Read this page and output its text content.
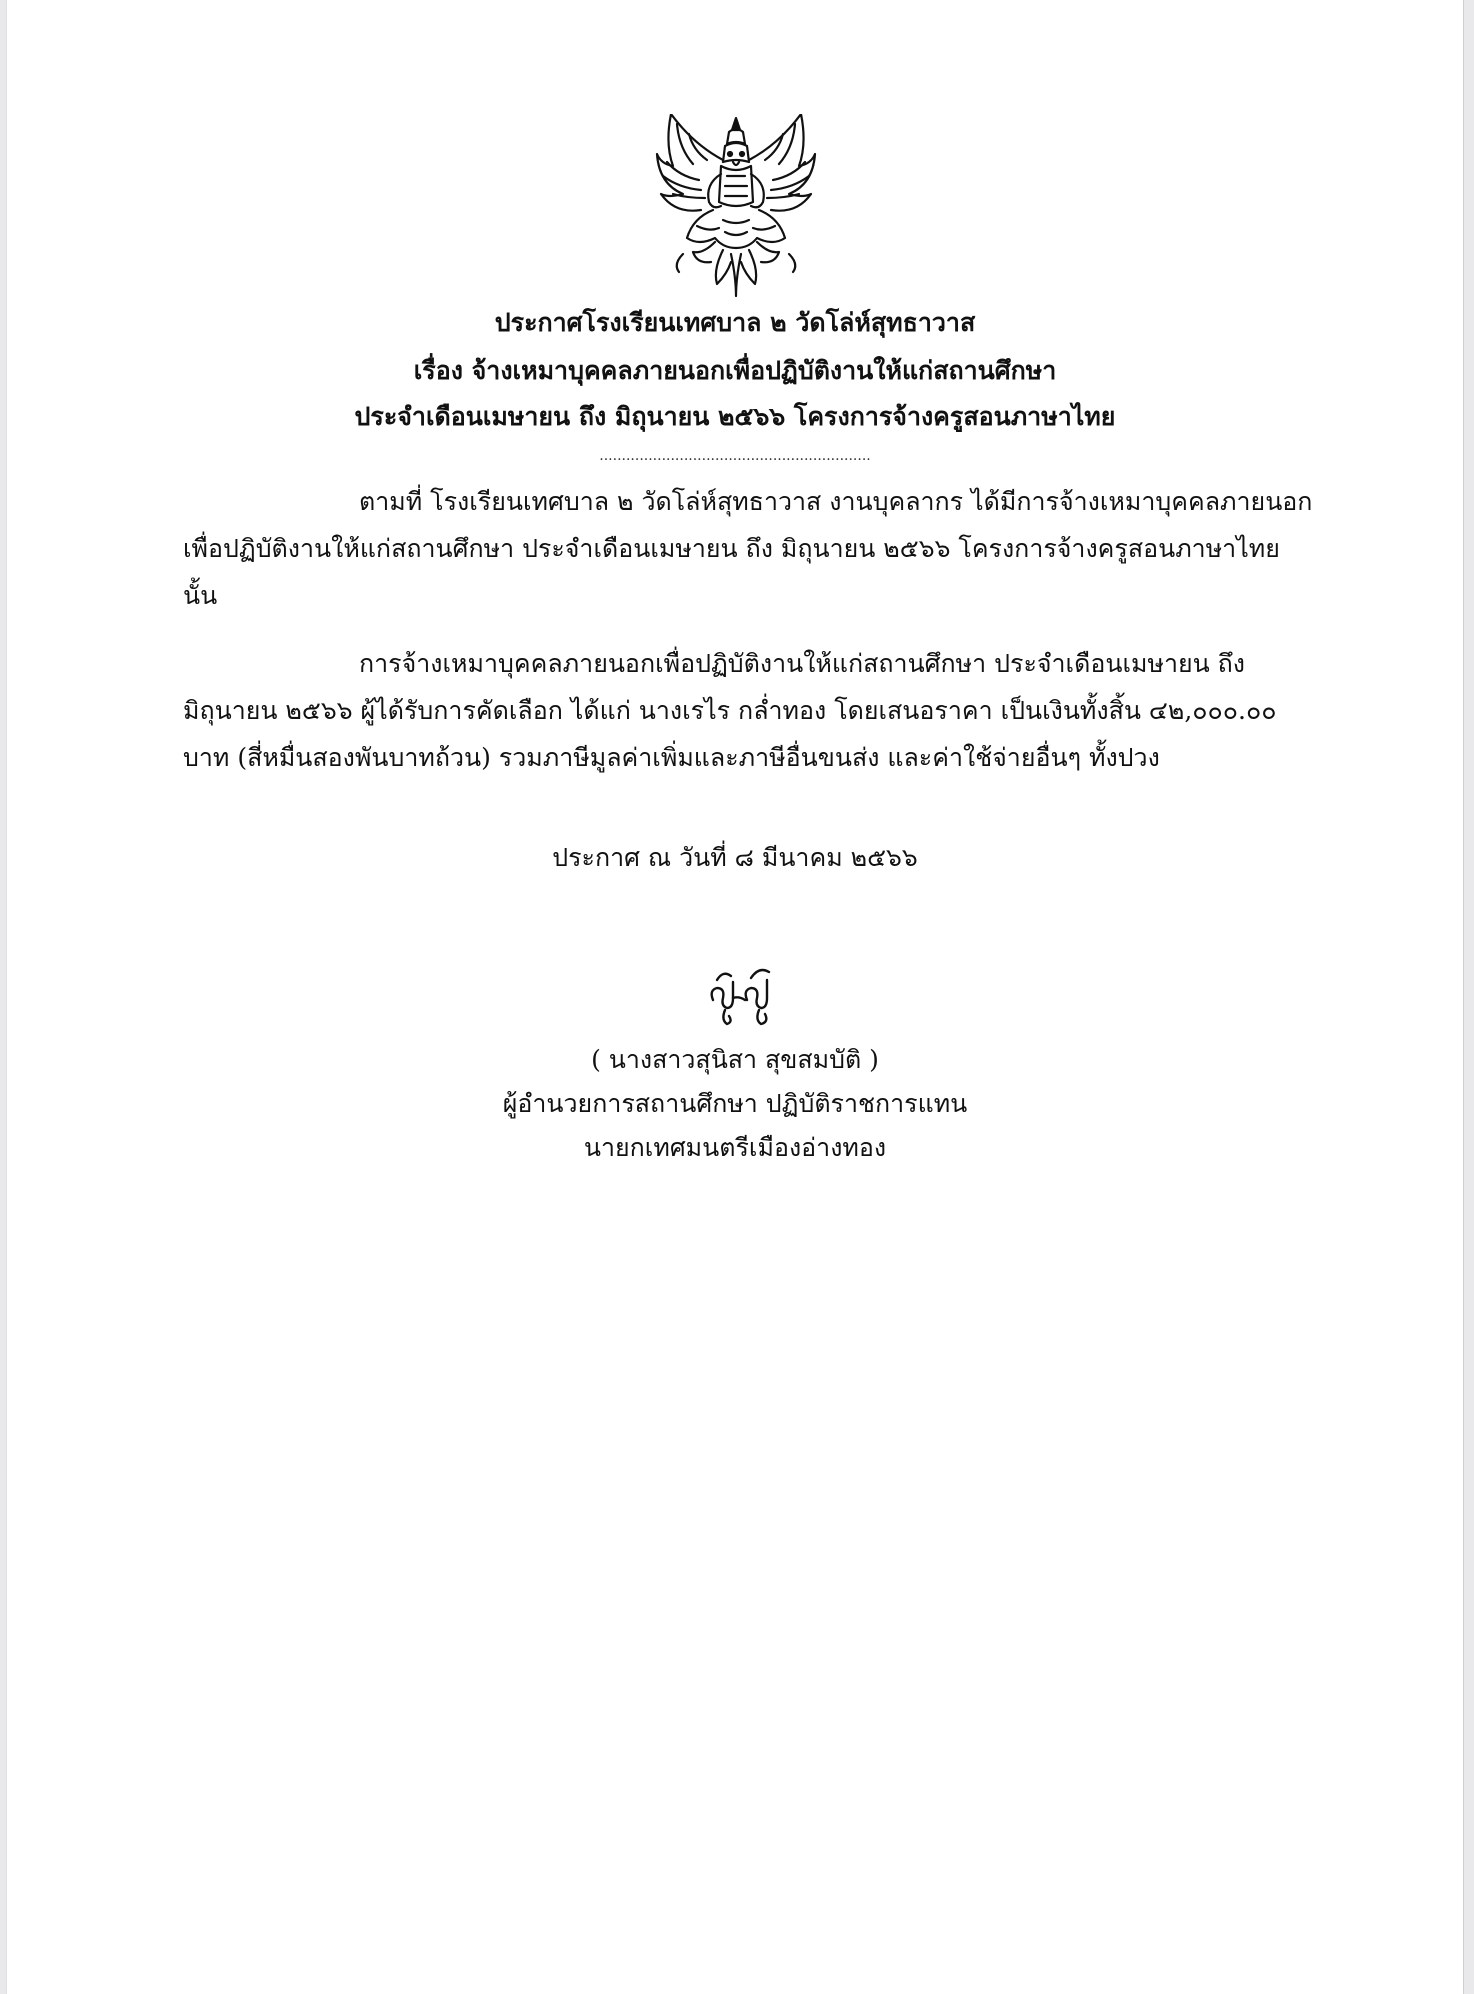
ประกาศโรงเรียนเทศบาล ๒ วัดโล่ห์สุทธาวาส
เรื่อง จ้างเหมาบุคคลภายนอกเพื่อปฏิบัติงานให้แก่สถานศึกษา
ประจำเดือนเมษายน ถึง มิถุนายน ๒๕๖๖ โครงการจ้างครูสอนภาษาไทย
.............................................................

ตามที่ โรงเรียนเทศบาล ๒ วัดโล่ห์สุทธาวาส งานบุคลากร ได้มีการจ้างเหมาบุคคลภายนอก
เพื่อปฏิบัติงานให้แก่สถานศึกษา ประจำเดือนเมษายน ถึง มิถุนายน ๒๕๖๖ โครงการจ้างครูสอนภาษาไทย
นั้น

การจ้างเหมาบุคคลภายนอกเพื่อปฏิบัติงานให้แก่สถานศึกษา ประจำเดือนเมษายน ถึง
มิถุนายน ๒๕๖๖ ผู้ได้รับการคัดเลือก ได้แก่ นางเรไร กล่ำทอง โดยเสนอราคา เป็นเงินทั้งสิ้น ๔๒,๐๐๐.๐๐
บาท (สี่หมื่นสองพันบาทถ้วน) รวมภาษีมูลค่าเพิ่มและภาษีอื่นขนส่ง และค่าใช้จ่ายอื่นๆ ทั้งปวง

ประกาศ ณ วันที่ ๘ มีนาคม ๒๕๖๖
( นางสาวสุนิสา สุขสมบัติ )
ผู้อำนวยการสถานศึกษา ปฏิบัติราชการแทน
นายกเทศมนตรีเมืองอ่างทอง
